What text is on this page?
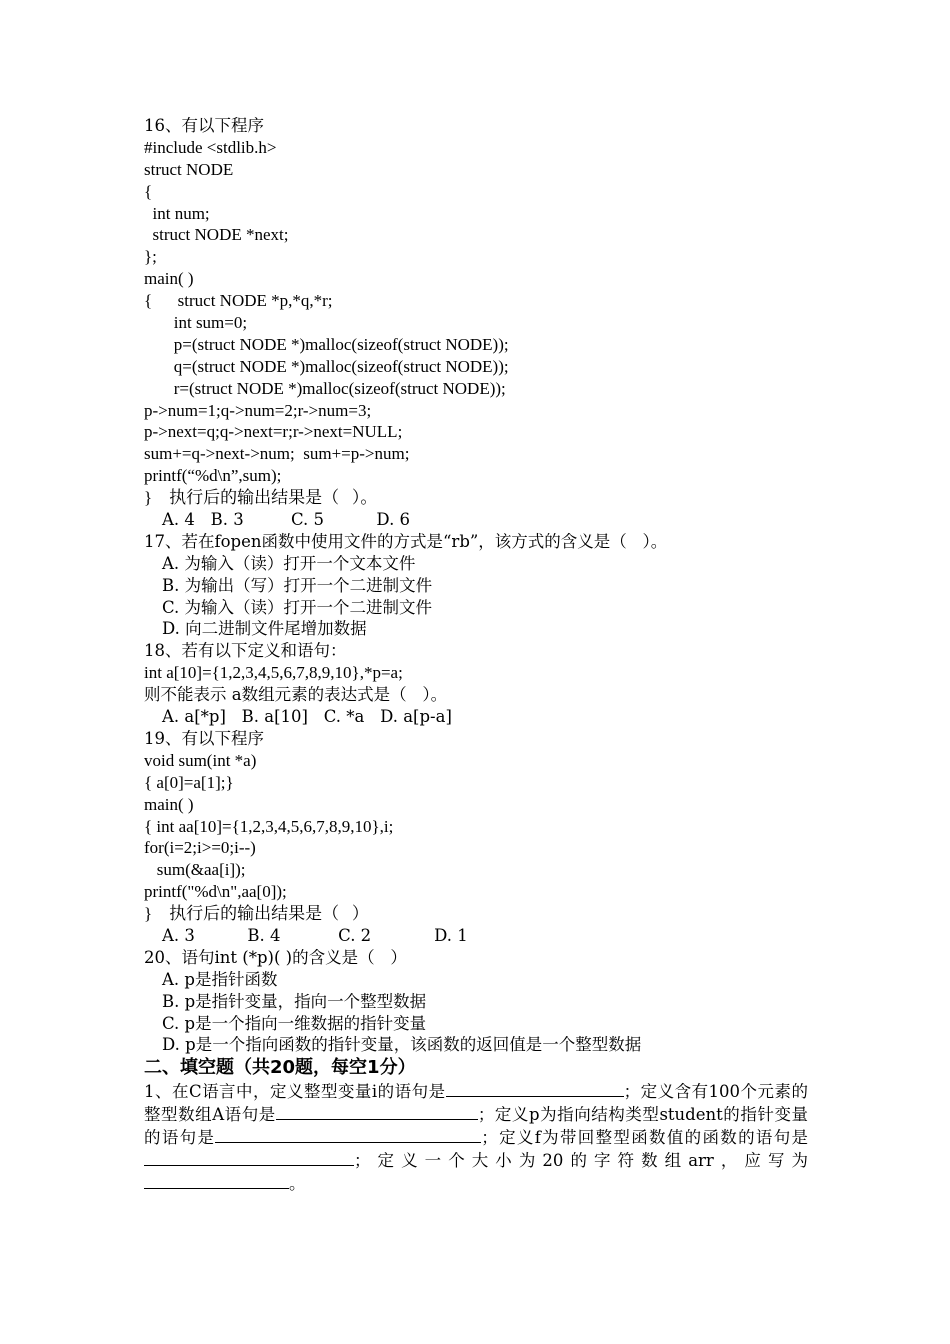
16、有以下程序
#include <stdlib.h>
struct NODE
{
int num;
struct NODE *next;
};
main( )
{      struct NODE *p,*q,*r;
int sum=0;
p=(struct NODE *)malloc(sizeof(struct NODE));
q=(struct NODE *)malloc(sizeof(struct NODE));
r=(struct NODE *)malloc(sizeof(struct NODE));
p->num=1;q->num=2;r->num=3;
p->next=q;q->next=r;r->next=NULL;
sum+=q->next->num;  sum+=p->num;
printf(“%d\n”,sum);
}    执行后的输出结果是（   ）。
A. 4   B. 3         C. 5          D. 6
17、若在fopen函数中使用文件的方式是“rb”，该方式的含义是（   ）。
A. 为输入（读）打开一个文本文件
B. 为输出（写）打开一个二进制文件
C. 为输入（读）打开一个二进制文件
D. 向二进制文件尾增加数据
18、若有以下定义和语句：
int a[10]={1,2,3,4,5,6,7,8,9,10},*p=a;
则不能表示 a数组元素的表达式是（   ）。
A. a[*p]   B. a[10]   C. *a   D. a[p-a]
19、有以下程序
void sum(int *a)
{ a[0]=a[1];}
main( )
{ int aa[10]={1,2,3,4,5,6,7,8,9,10},i;
for(i=2;i>=0;i--)
sum(&aa[i]);
printf("%d\n",aa[0]);
}    执行后的输出结果是（   ）
A. 3          B. 4           C. 2            D. 1
20、语句int (*p)( )的含义是（   ）
A. p是指针函数
B. p是指针变量，指向一个整型数据
C. p是一个指向一维数据的指针变量
D. p是一个指向函数的指针变量，该函数的返回值是一个整型数据
二、填空题（共20题，每空1分）
1、在C语言中，定义整型变量i的语句是	；定义含有100个元素的整型数组A语句是	；定义p为指向结构类型student的指针变量的语句是	；定义f为带回整型函数值的函数的语句是；定义一个大小为20的字符数组arr，应写为。
